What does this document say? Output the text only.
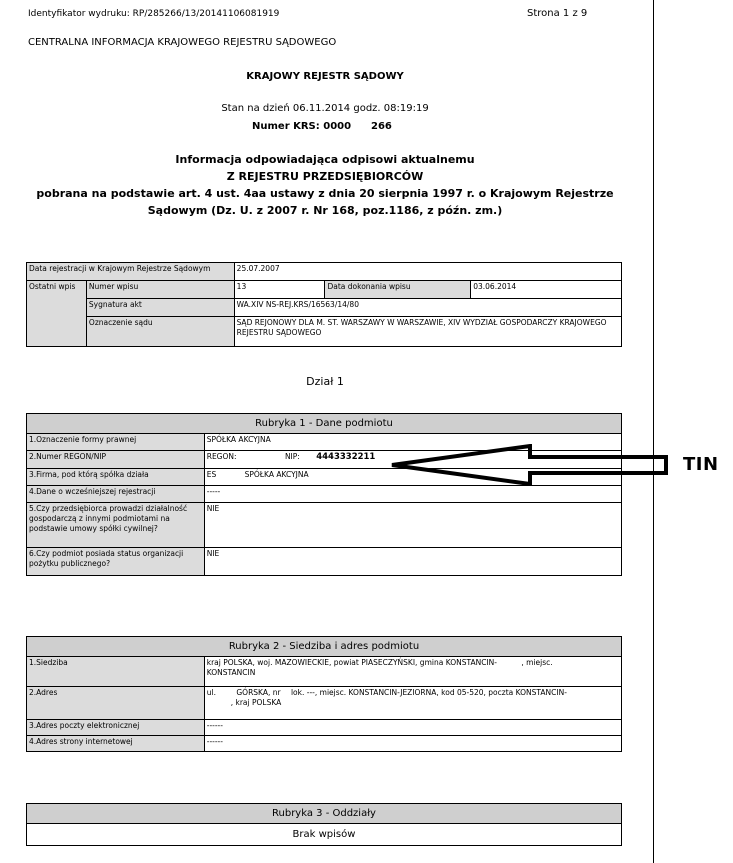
Identyfikator wydruku: RP/285266/13/20141106081919	Strona 1 z 9
CENTRALNA INFORMACJA KRAJOWEGO REJESTRU SĄDOWEGO
KRAJOWY REJESTR SĄDOWY
Stan na dzień 06.11.2014 godz. 08:19:19
Numer KRS: 0000 266
Informacja odpowiadająca odpisowi aktualnemu
Z REJESTRU PRZEDSIĘBIORCÓW
pobrana na podstawie art. 4 ust. 4aa ustawy z dnia 20 sierpnia 1997 r. o Krajowym Rejestrze
Sądowym (Dz. U. z 2007 r. Nr 168, poz.1186, z późn. zm.)
Data rejestracji w Krajowym Rejestrze Sądowym		25.07.2007		
Ostatni wpis	Numer wpisu	13	Data dokonania wpisu	03.06.2014
	Sygnatura akt	WA.XIV NS-REJ.KRS/16563/14/80		
	Oznaczenie sądu	SĄD REJONOWY DLA M. ST. WARSZAWY W WARSZAWIE, XIV WYDZIAŁ GOSPODARCZY KRAJOWEGO REJESTRU SĄDOWEGO		
Dział 1
Rubryka 1 - Dane podmiotu	
1.Oznaczenie formy prawnej	SPÓŁKA AKCYJNA
2.Numer REGON/NIP	REGON: NIP: 4443332211
3.Firma, pod którą spółka działa	ES SPÓŁKA AKCYJNA
4.Dane o wcześniejszej rejestracji	-----
5.Czy przedsiębiorca prowadzi działalność gospodarczą z innymi podmiotami na podstawie umowy spółki cywilnej?	NIE
6.Czy podmiot posiada status organizacji pożytku publicznego?	NIE
TIN
Rubryka 2 - Siedziba i adres podmiotu	
1.Siedziba	kraj POLSKA, woj. MAZOWIECKIE, powiat PIASECZYŃSKI, gmina KONSTANCIN- , miejsc.
KONSTANCIN
2.Adres	ul. GÓRSKA, nr lok. ---, miejsc. KONSTANCIN-JEZIORNA, kod 05-520, poczta KONSTANCIN-
, kraj POLSKA
3.Adres poczty elektronicznej	------
4.Adres strony internetowej	------
Rubryka 3 - Oddziały
Brak wpisów
